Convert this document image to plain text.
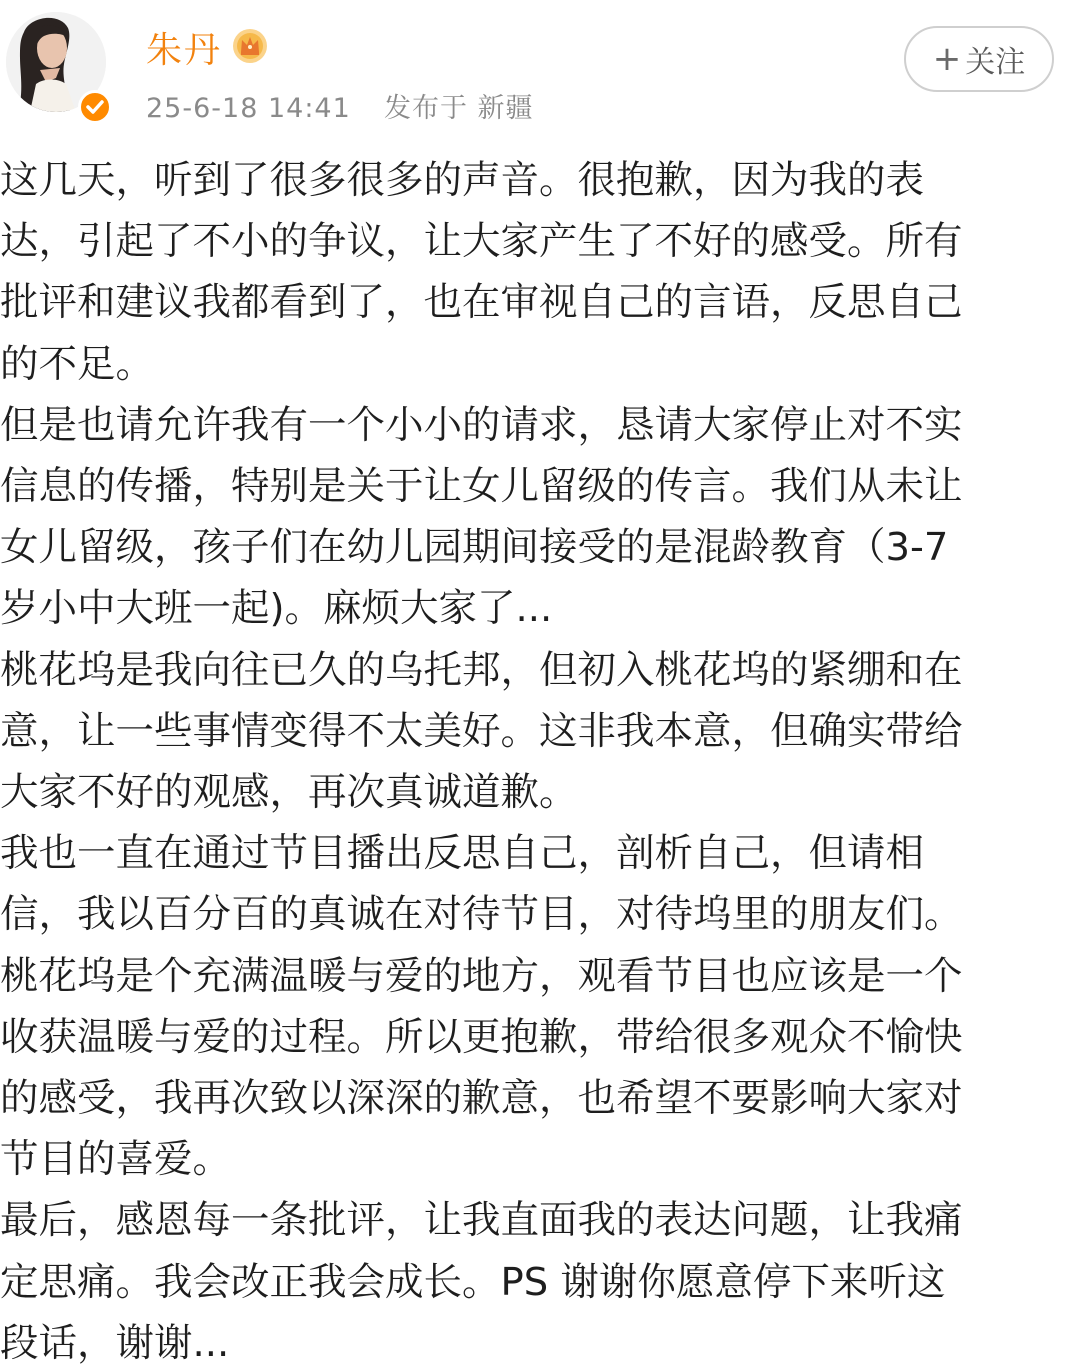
朱丹
25-6-18 14:41 发布于 新疆
+ 关注

这几天，听到了很多很多的声音。很抱歉，因为我的表

达，引起了不小的争议，让大家产生了不好的感受。所有

批评和建议我都看到了，也在审视自己的言语，反思自己

的不足。

但是也请允许我有一个小小的请求，恳请大家停止对不实

信息的传播，特别是关于让女儿留级的传言。我们从未让

女儿留级，孩子们在幼儿园期间接受的是混龄教育（3-7

岁小中大班一起)。麻烦大家了...

桃花坞是我向往已久的乌托邦，但初入桃花坞的紧绷和在

意，让一些事情变得不太美好。这非我本意，但确实带给

大家不好的观感，再次真诚道歉。

我也一直在通过节目播出反思自己，剖析自己，但请相

信，我以百分百的真诚在对待节目，对待坞里的朋友们。

桃花坞是个充满温暖与爱的地方，观看节目也应该是一个

收获温暖与爱的过程。所以更抱歉，带给很多观众不愉快

的感受，我再次致以深深的歉意，也希望不要影响大家对

节目的喜爱。

最后，感恩每一条批评，让我直面我的表达问题，让我痛

定思痛。我会改正我会成长。PS 谢谢你愿意停下来听这

段话，谢谢...
